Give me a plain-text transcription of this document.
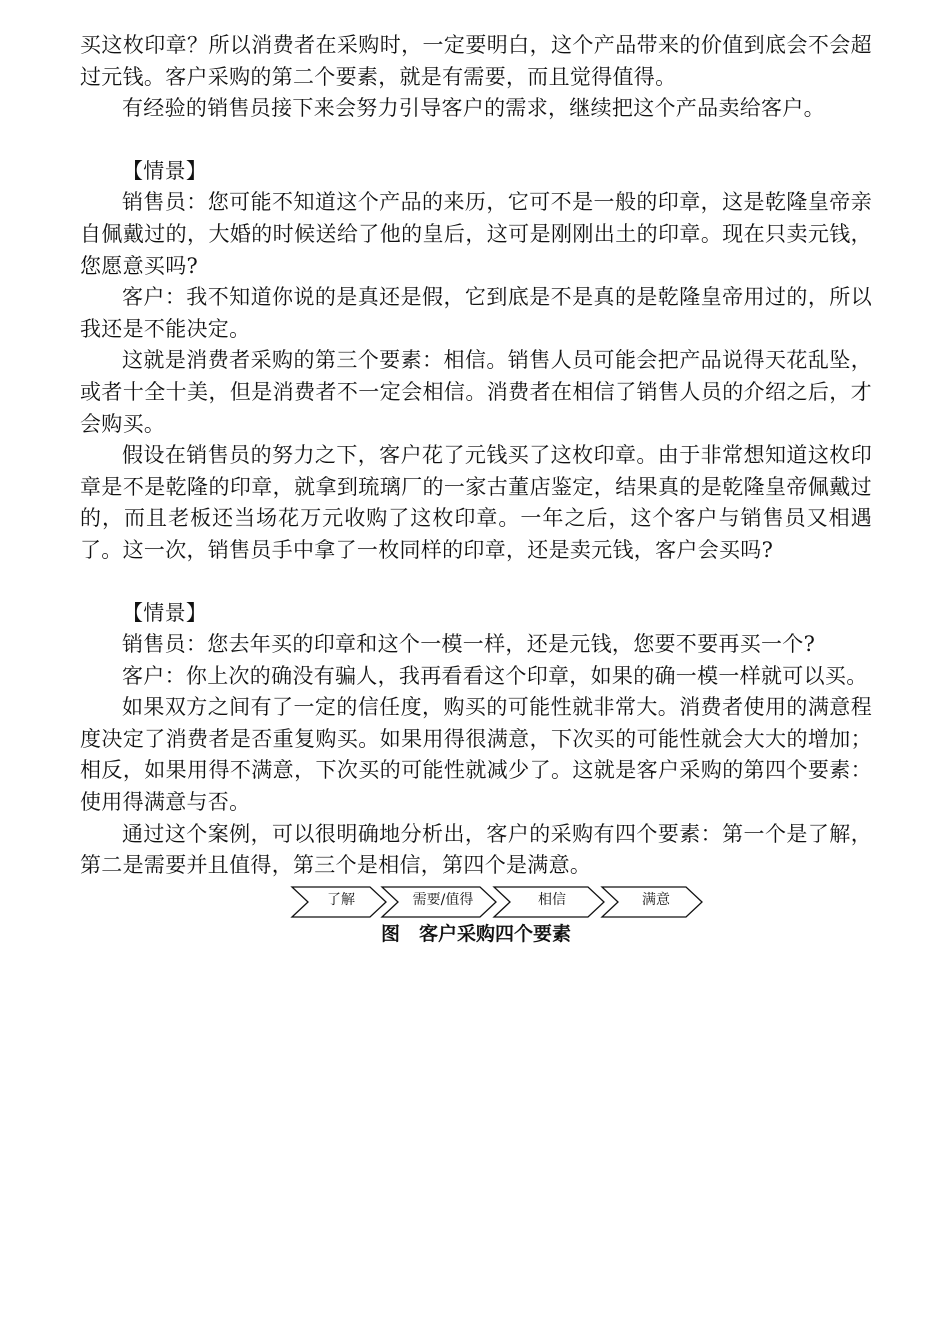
买这枚印章？所以消费者在采购时，一定要明白，这个产品带来的价值到底会不会超过元钱。客户采购的第二个要素，就是有需要，而且觉得值得。

有经验的销售员接下来会努力引导客户的需求，继续把这个产品卖给客户。

【情景】

销售员：您可能不知道这个产品的来历，它可不是一般的印章，这是乾隆皇帝亲自佩戴过的，大婚的时候送给了他的皇后，这可是刚刚出土的印章。现在只卖元钱，您愿意买吗?

客户：我不知道你说的是真还是假，它到底是不是真的是乾隆皇帝用过的，所以我还是不能决定。

这就是消费者采购的第三个要素：相信。销售人员可能会把产品说得天花乱坠，或者十全十美，但是消费者不一定会相信。消费者在相信了销售人员的介绍之后，才会购买。

假设在销售员的努力之下，客户花了元钱买了这枚印章。由于非常想知道这枚印章是不是乾隆的印章，就拿到琉璃厂的一家古董店鉴定，结果真的是乾隆皇帝佩戴过的，而且老板还当场花万元收购了这枚印章。一年之后，这个客户与销售员又相遇了。这一次，销售员手中拿了一枚同样的印章，还是卖元钱，客户会买吗?

【情景】

销售员：您去年买的印章和这个一模一样，还是元钱，您要不要再买一个?

客户：你上次的确没有骗人，我再看看这个印章，如果的确一模一样就可以买。

如果双方之间有了一定的信任度，购买的可能性就非常大。消费者使用的满意程度决定了消费者是否重复购买。如果用得很满意，下次买的可能性就会大大的增加；相反，如果用得不满意，下次买的可能性就减少了。这就是客户采购的第四个要素：使用得满意与否。

通过这个案例，可以很明确地分析出，客户的采购有四个要素：第一个是了解，第二是需要并且值得，第三个是相信，第四个是满意。

了解	需要/值得	相信	满意
图　客户采购四个要素
